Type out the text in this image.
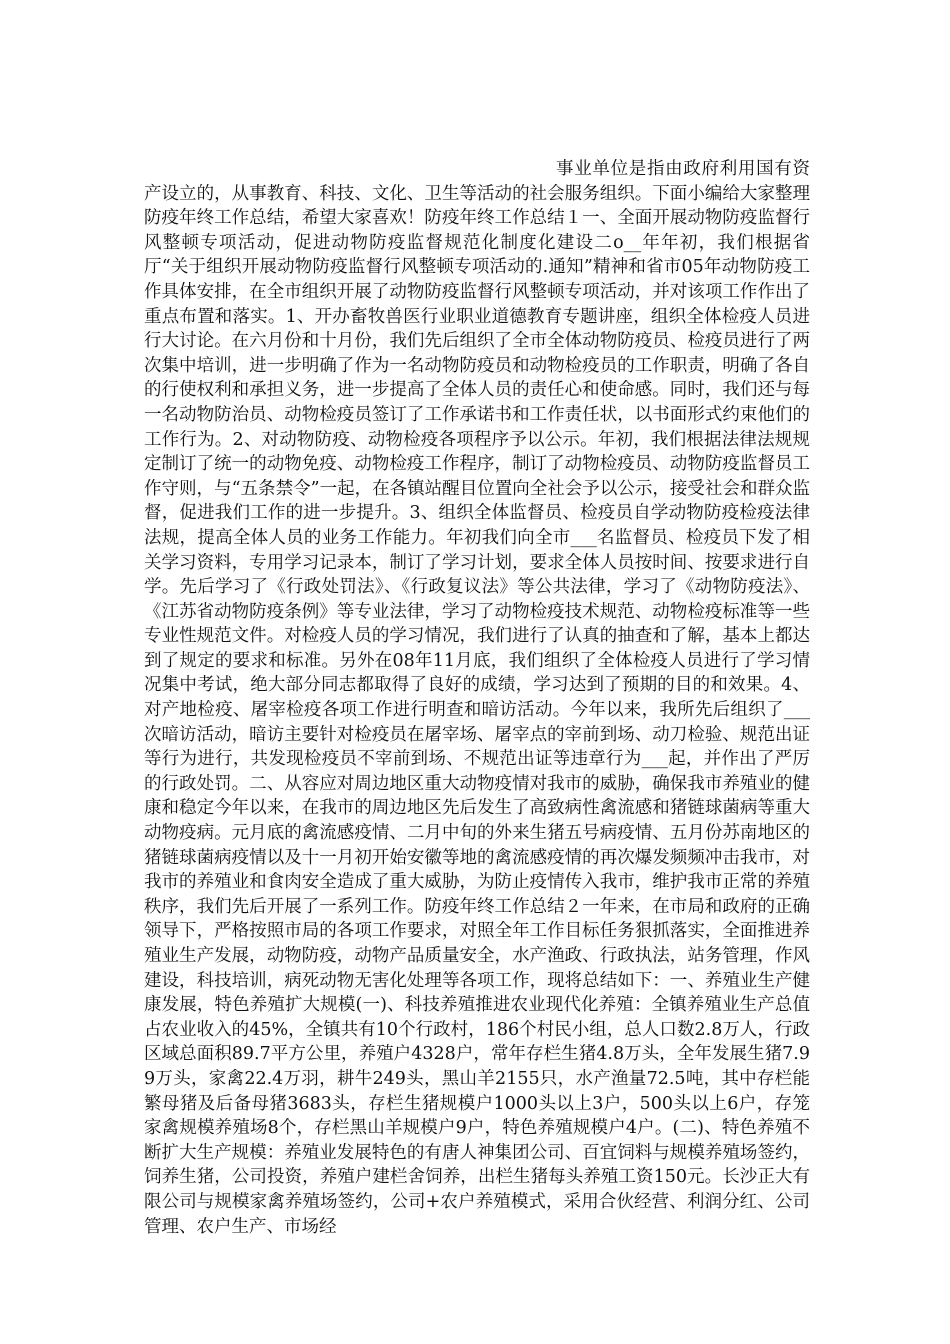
事业单位是指由政府利用国有资产设立的，从事教育、科技、文化、卫生等活动的社会服务组织。下面小编给大家整理防疫年终工作总结，希望大家喜欢！防疫年终工作总结１一、全面开展动物防疫监督行风整顿专项活动，促进动物防疫监督规范化制度化建设二o__年年初，我们根据省厅“关于组织开展动物防疫监督行风整顿专项活动的.通知”精神和省市05年动物防疫工作具体安排，在全市组织开展了动物防疫监督行风整顿专项活动，并对该项工作作出了重点布置和落实。1、开办畜牧兽医行业职业道德教育专题讲座，组织全体检疫人员进行大讨论。在六月份和十月份，我们先后组织了全市全体动物防疫员、检疫员进行了两次集中培训，进一步明确了作为一名动物防疫员和动物检疫员的工作职责，明确了各自的行使权利和承担义务，进一步提高了全体人员的责任心和使命感。同时，我们还与每一名动物防治员、动物检疫员签订了工作承诺书和工作责任状，以书面形式约束他们的工作行为。2、对动物防疫、动物检疫各项程序予以公示。年初，我们根据法律法规规定制订了统一的动物免疫、动物检疫工作程序，制订了动物检疫员、动物防疫监督员工作守则，与“五条禁令”一起，在各镇站醒目位置向全社会予以公示，接受社会和群众监督，促进我们工作的进一步提升。3、组织全体监督员、检疫员自学动物防疫检疫法律法规，提高全体人员的业务工作能力。年初我们向全市___名监督员、检疫员下发了相关学习资料，专用学习记录本，制订了学习计划，要求全体人员按时间、按要求进行自学。先后学习了《行政处罚法》、《行政复议法》等公共法律，学习了《动物防疫法》、《江苏省动物防疫条例》等专业法律，学习了动物检疫技术规范、动物检疫标准等一些专业性规范文件。对检疫人员的学习情况，我们进行了认真的抽查和了解，基本上都达到了规定的要求和标准。另外在08年11月底，我们组织了全体检疫人员进行了学习情况集中考试，绝大部分同志都取得了良好的成绩，学习达到了预期的目的和效果。4、对产地检疫、屠宰检疫各项工作进行明查和暗访活动。今年以来，我所先后组织了___次暗访活动，暗访主要针对检疫员在屠宰场、屠宰点的宰前到场、动刀检验、规范出证等行为进行，共发现检疫员不宰前到场、不规范出证等违章行为___起，并作出了严厉的行政处罚。二、从容应对周边地区重大动物疫情对我市的威胁，确保我市养殖业的健康和稳定今年以来，在我市的周边地区先后发生了高致病性禽流感和猪链球菌病等重大动物疫病。元月底的禽流感疫情、二月中旬的外来生猪五号病疫情、五月份苏南地区的猪链球菌病疫情以及十一月初开始安徽等地的禽流感疫情的再次爆发频频冲击我市，对我市的养殖业和食肉安全造成了重大威胁，为防止疫情传入我市，维护我市正常的养殖秩序，我们先后开展了一系列工作。防疫年终工作总结２一年来，在市局和政府的正确领导下，严格按照市局的各项工作要求，对照全年工作目标任务狠抓落实，全面推进养殖业生产发展，动物防疫，动物产品质量安全，水产渔政、行政执法，站务管理，作风建设，科技培训，病死动物无害化处理等各项工作，现将总结如下：一、养殖业生产健康发展，特色养殖扩大规模(一)、科技养殖推进农业现代化养殖：全镇养殖业生产总值占农业收入的45%，全镇共有10个行政村，186个村民小组，总人口数2.8万人，行政区域总面积89.7平方公里，养殖户4328户，常年存栏生猪4.8万头，全年发展生猪7.99万头，家禽22.4万羽，耕牛249头，黑山羊2155只，水产渔量72.5吨，其中存栏能繁母猪及后备母猪3683头，存栏生猪规模户1000头以上3户，500头以上6户，存笼家禽规模养殖场8个，存栏黑山羊规模户9户，特色养殖规模户4户。(二)、特色养殖不断扩大生产规模：养殖业发展特色的有唐人神集团公司、百宜饲料与规模养殖场签约，饲养生猪，公司投资，养殖户建栏舍饲养，出栏生猪每头养殖工资150元。长沙正大有限公司与规模家禽养殖场签约，公司+农户养殖模式，采用合伙经营、利润分红、公司管理、农户生产、市场经
